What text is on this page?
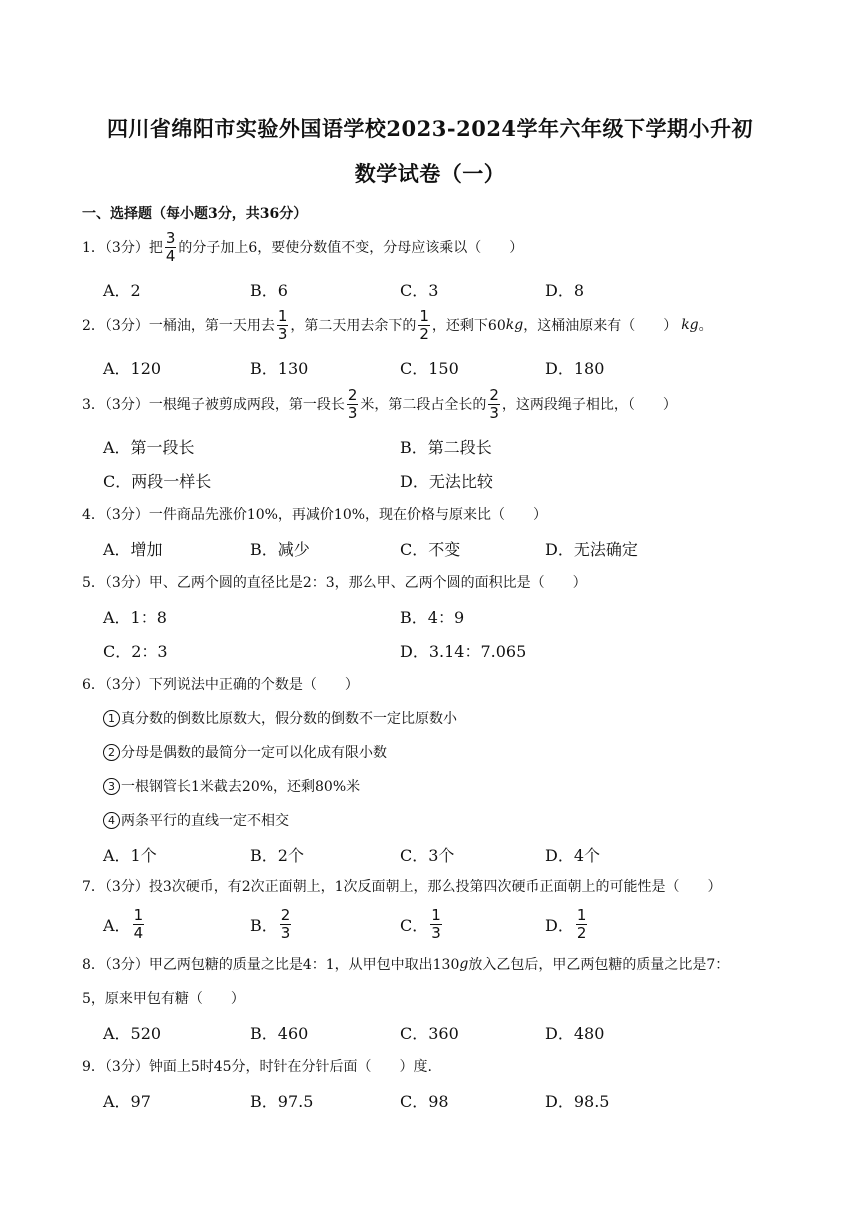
四川省绵阳市实验外国语学校2023-2024学年六年级下学期小升初
数学试卷（一）
一、选择题（每小题3分，共36分）
1．（3分）把 $\frac{3}{4}$ 的分子加上6，要使分数值不变，分母应该乘以（　　）
A．2	B．6	C．3	D．8
2．（3分）一桶油，第一天用去 $\frac{1}{3}$ ，第二天用去余下的 $\frac{1}{2}$ ，还剩下60 kg ，这桶油原来有（　　） kg 。
A．120	B．130	C．150	D．180
3．（3分）一根绳子被剪成两段，第一段长 $\frac{2}{3}$ 米，第二段占全长的 $\frac{2}{3}$ ，这两段绳子相比，（　　）
A．第一段长	B．第二段长
C．两段一样长	D．无法比较
4．（3分）一件商品先涨价10%，再减价10%，现在价格与原来比（　　）
A．增加	B．减少	C．不变	D．无法确定
5．（3分）甲、乙两个圆的直径比是2：3，那么甲、乙两个圆的面积比是（　　）
A．1：8	B．4：9
C．2：3	D．3.14：7.065
6．（3分）下列说法中正确的个数是（　　）
1 真分数的倒数比原数大，假分数的倒数不一定比原数小
2 分母是偶数的最简分一定可以化成有限小数
3 一根钢管长1米截去20%，还剩80%米
4 两条平行的直线一定不相交
A．1个	B．2个	C．3个	D．4个
7．（3分）投3次硬币，有2次正面朝上，1次反面朝上，那么投第四次硬币正面朝上的可能性是（　　）
A． $\frac{1}{4}$	B． $\frac{2}{3}$	C． $\frac{1}{3}$	D． $\frac{1}{2}$
8．（3分）甲乙两包糖的质量之比是4：1，从甲包中取出130 g 放入乙包后，甲乙两包糖的质量之比是7：
5，原来甲包有糖（　　）
A．520	B．460	C．360	D．480
9．（3分）钟面上5时45分，时针在分针后面（　　）度.
A．97	B．97.5	C．98	D．98.5
